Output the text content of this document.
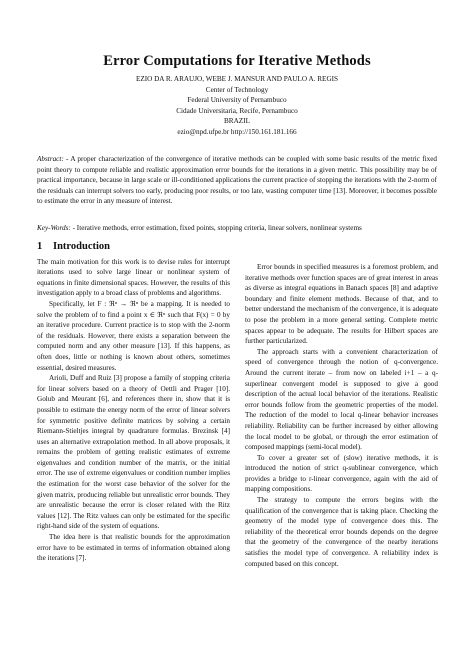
Error Computations for Iterative Methods
EZIO DA R. ARAUJO, WEBE J. MANSUR AND PAULO A. REGIS
Center of Technology
Federal University of Pernambuco
Cidade Universitaria, Recife, Pernambuco
BRAZIL
ezio@npd.ufpe.br http://150.161.181.166
Abstract: - A proper characterization of the convergence of iterative methods can be coupled with some basic results of the metric fixed point theory to compute reliable and realistic approximation error bounds for the iterations in a given metric. This possibility may be of practical importance, because in large scale or ill-conditioned applications the current practice of stopping the iterations with the 2-norm of the residuals can interrupt solvers too early, producing poor results, or too late, wasting computer time [13]. Moreover, it becomes possible to estimate the error in any measure of interest.
Key-Words: - Iterative methods, error estimation, fixed points, stopping criteria, linear solvers, nonlinear systems
1 Introduction

The main motivation for this work is to devise rules for interrupt iterations used to solve large linear or nonlinear system of equations in finite dimensional spaces. However, the results of this investigation apply to a broad class of problems and algorithms.

Specifically, let F : ℜⁿ → ℜⁿ be a mapping. It is needed to solve the problem of to find a point x ∈ ℜⁿ such that F(x) = 0 by an iterative procedure. Current practice is to stop with the 2-norm of the residuals. However, there exists a separation between the computed norm and any other measure [13]. If this happens, as often does, little or nothing is known about others, sometimes essential, desired measures.

Arioli, Duff and Ruiz [3] propose a family of stopping criteria for linear solvers based on a theory of Oettli and Prager [10]. Golub and Meurant [6], and references there in, show that it is possible to estimate the energy norm of the error of linear solvers for symmetric positive definite matrices by solving a certain Riemann-Stieltjes integral by quadrature formulas. Brezinsk [4] uses an alternative extrapolation method. In all above proposals, it remains the problem of getting realistic estimates of extreme eigenvalues and condition number of the matrix, or the initial error. The use of extreme eigenvalues or condition number implies the estimation for the worst case behavior of the solver for the given matrix, producing reliable but unrealistic error bounds. They are unrealistic because the error is closer related with the Ritz values [12]. The Ritz values can only be estimated for the specific right-hand side of the system of equations.

The idea here is that realistic bounds for the approximation error have to be estimated in terms of information obtained along the iterations [7].

Error bounds in specified measures is a foremost problem, and iterative methods over function spaces are of great interest in areas as diverse as integral equations in Banach spaces [8] and adaptive boundary and finite element methods. Because of that, and to better understand the mechanism of the convergence, it is adequate to pose the problem in a more general setting. Complete metric spaces appear to be adequate. The results for Hilbert spaces are further particularized.

The approach starts with a convenient characterization of speed of convergence through the notion of q-convergence. Around the current iterate – from now on labeled i+1 – a q-superlinear convergent model is supposed to give a good description of the actual local behavior of the iterations. Realistic error bounds follow from the geometric properties of the model. The reduction of the model to local q-linear behavior increases reliability. Reliability can be further increased by either allowing the local model to be global, or through the error estimation of composed mappings (semi-local model).

To cover a greater set of (slow) iterative methods, it is introduced the notion of strict q-sublinear convergence, which provides a bridge to r-linear convergence, again with the aid of mapping compositions.

The strategy to compute the errors begins with the qualification of the convergence that is taking place. Checking the geometry of the model type of convergence does this. The reliability of the theoretical error bounds depends on the degree that the geometry of the convergence of the nearby iterations satisfies the model type of convergence. A reliability index is computed based on this concept.
